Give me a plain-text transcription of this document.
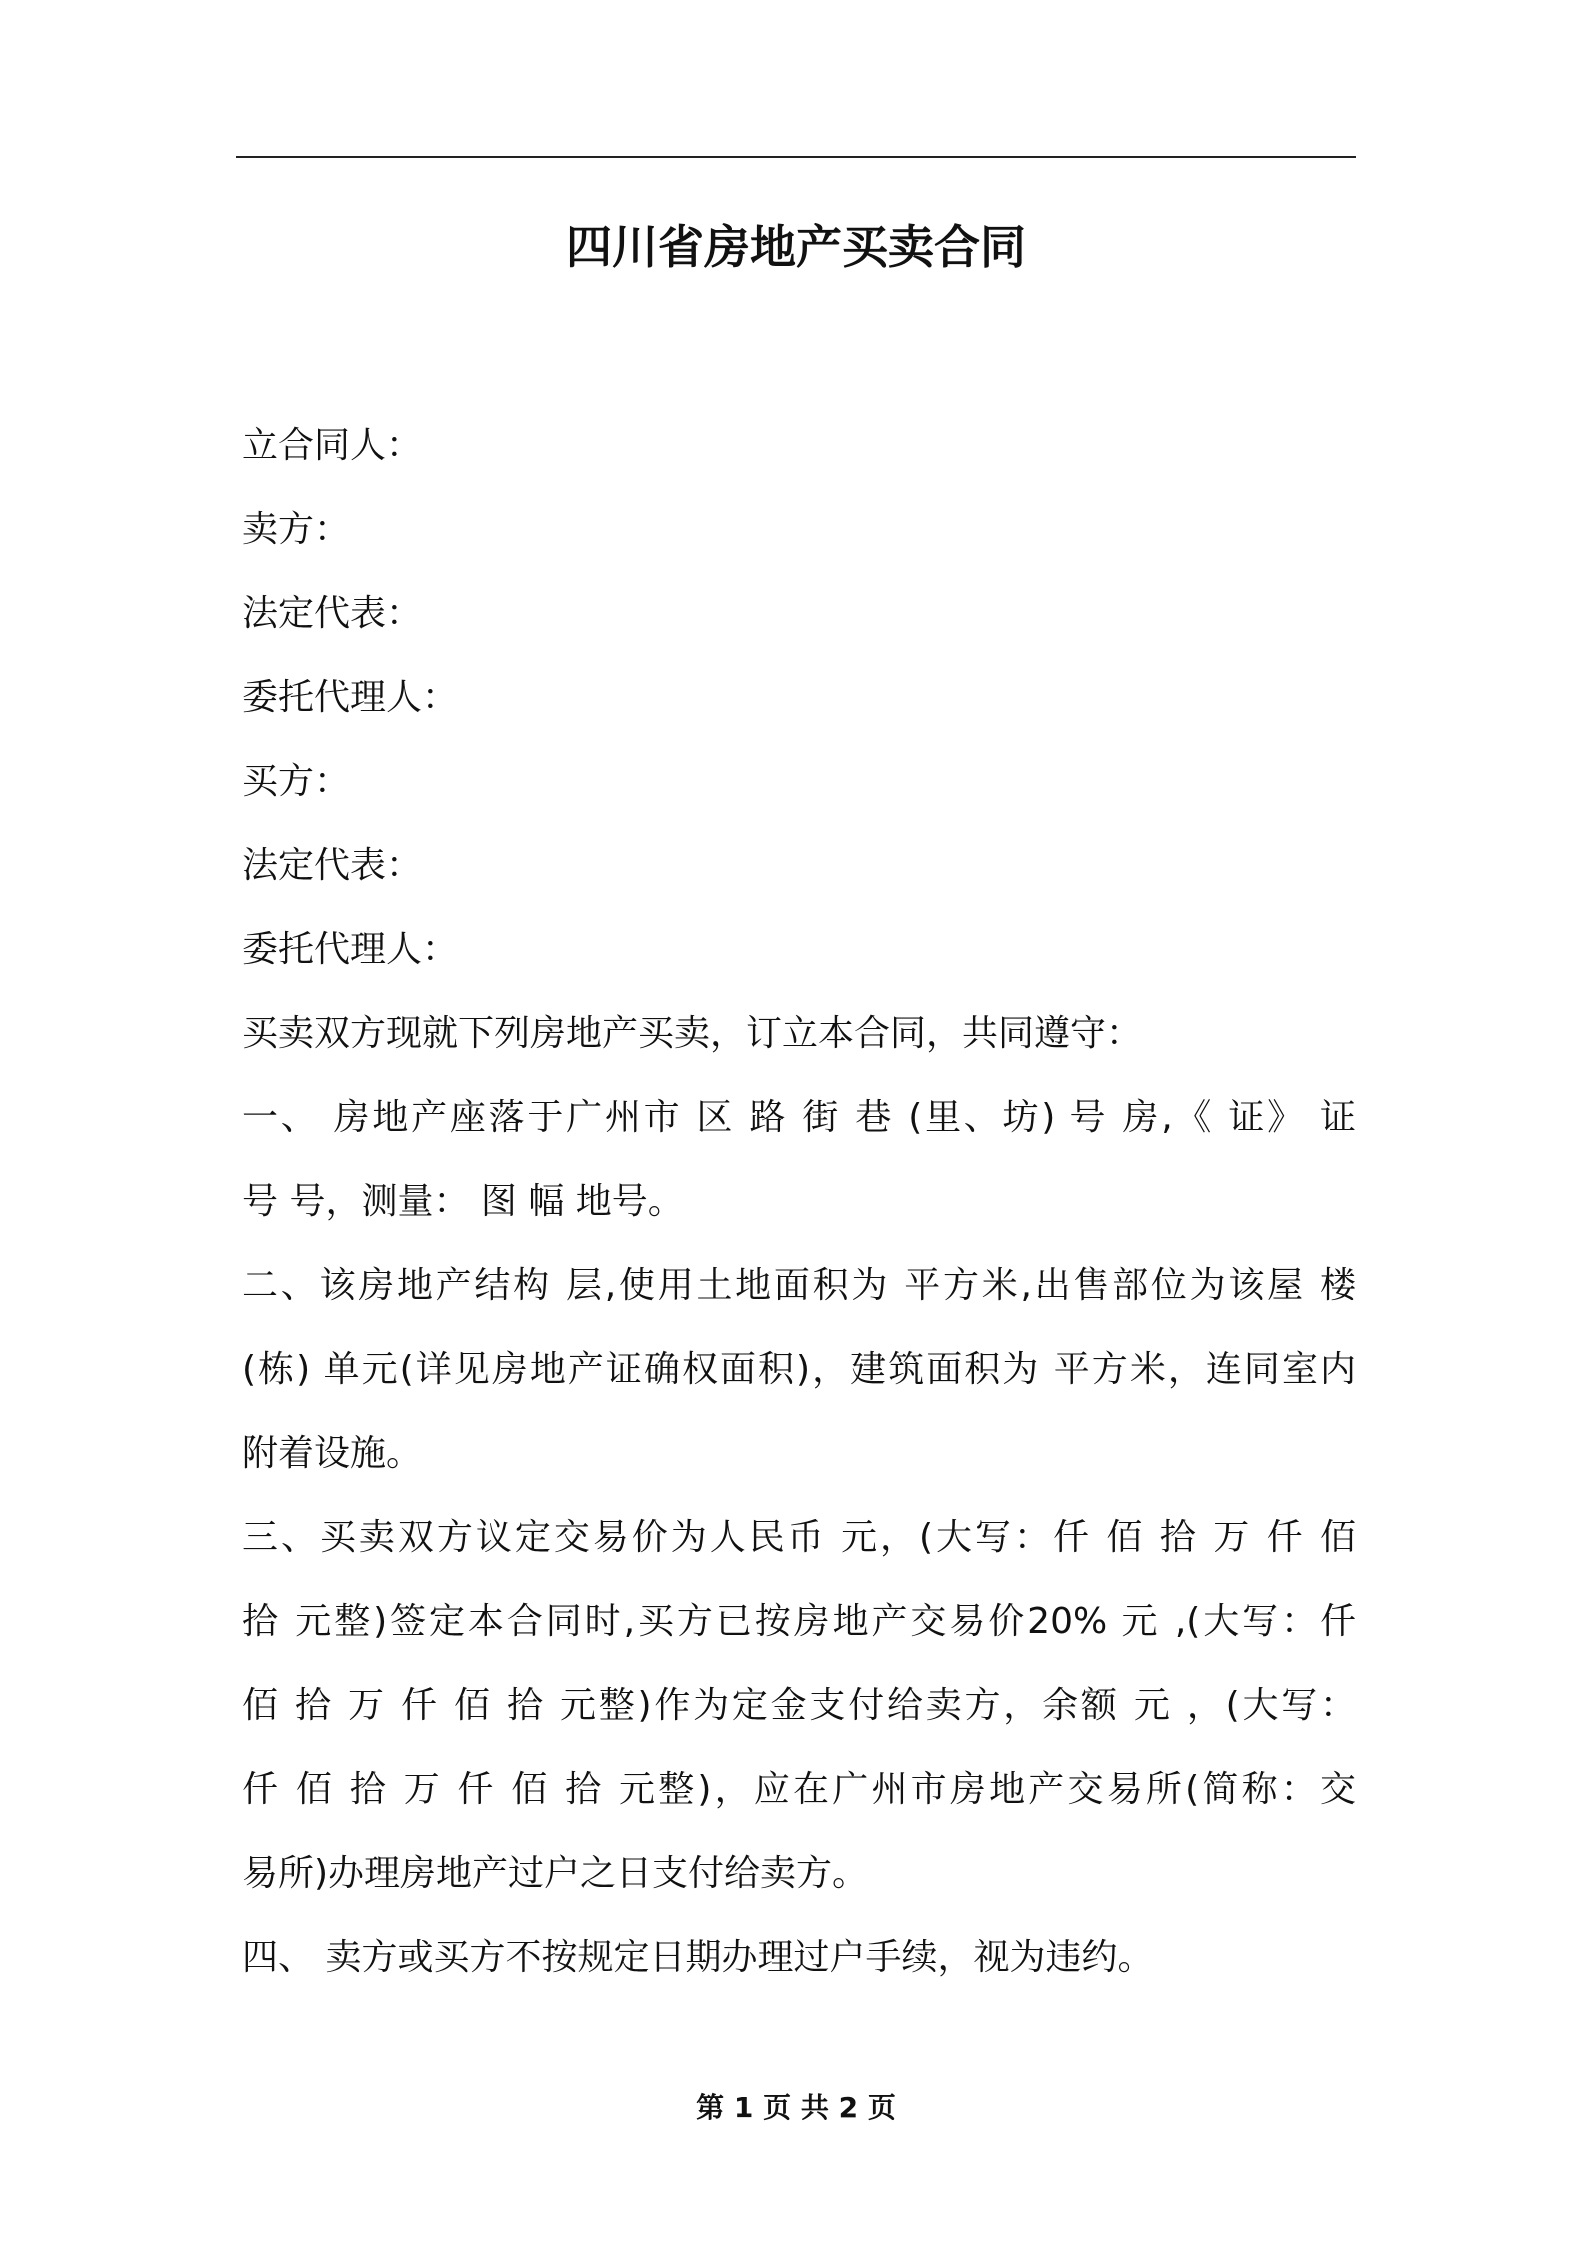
四川省房地产买卖合同

立合同人：

卖方：

法定代表：

委托代理人：

买方：

法定代表：

委托代理人：

买卖双方现就下列房地产买卖，订立本合同，共同遵守：

一、 房地产座落于广州市 区 路 街 巷 (里、坊) 号 房,《 证》 证

号 号，测量： 图 幅 地号。

二、该房地产结构 层,使用土地面积为 平方米,出售部位为该屋 楼

(栋) 单元(详见房地产证确权面积)，建筑面积为 平方米，连同室内

附着设施。

三、买卖双方议定交易价为人民币 元，(大写：仟 佰 拾 万 仟 佰

拾 元整)签定本合同时,买方已按房地产交易价20% 元 ,(大写：仟

佰 拾 万 仟 佰 拾 元整)作为定金支付给卖方，余额 元 ，(大写：

仟 佰 拾 万 仟 佰 拾 元整)，应在广州市房地产交易所(简称：交

易所)办理房地产过户之日支付给卖方。

四、 卖方或买方不按规定日期办理过户手续，视为违约。

第 1 页 共 2 页
